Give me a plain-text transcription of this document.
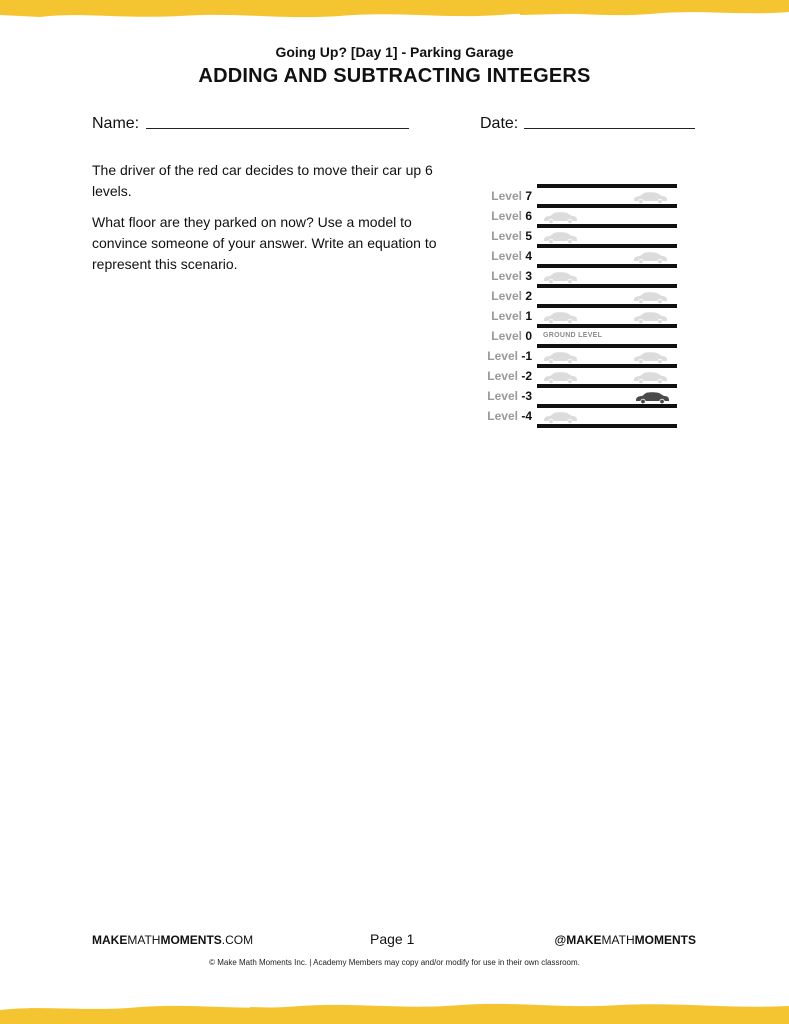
Going Up? [Day 1] - Parking Garage
ADDING AND SUBTRACTING INTEGERS
Name:	Date:

The driver of the red car decides to move their car up 6 levels.

What floor are they parked on now? Use a model to convince someone of your answer. Write an equation to represent this scenario.

GROUND LEVEL
Level 7
Level 6
Level 5
Level 4
Level 3
Level 2
Level 1
Level 0
Level -1
Level -2
Level -3
Level -4
MAKEMATHMOMENTS.COM	Page 1	@MAKEMATHMOMENTS
© Make Math Moments Inc. | Academy Members may copy and/or modify for use in their own classroom.
